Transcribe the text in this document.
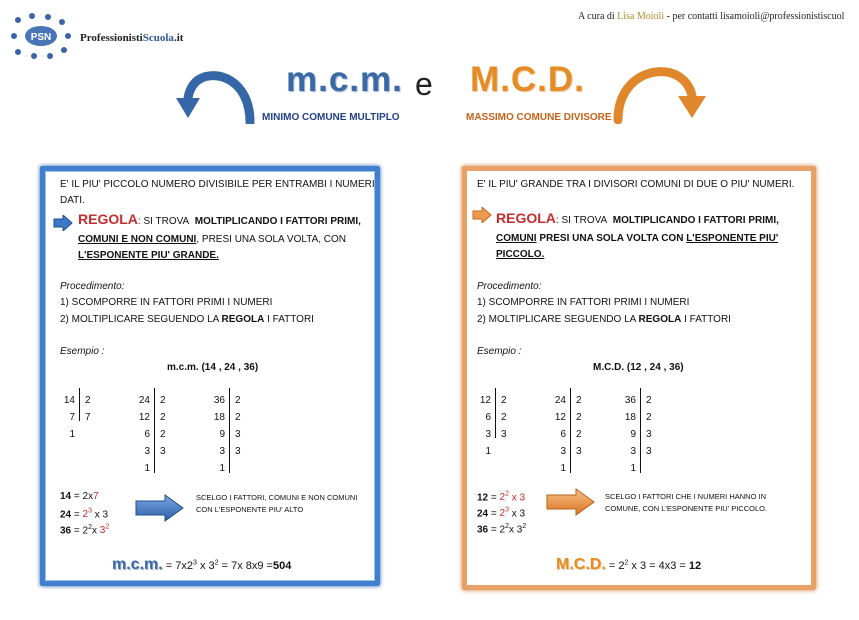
A cura di Lisa Moioli - per contatti lisamoioli@professionistiscuol
PSN	ProfessionistiScuola.it
m.c.m. e M.C.D.
MINIMO COMUNE MULTIPLO	MASSIMO COMUNE DIVISORE
E' IL PIU' PICCOLO NUMERO DIVISIBILE PER ENTRAMBI I NUMERI
DATI.
REGOLA: SI TROVA MOLTIPLICANDO I FATTORI PRIMI,
COMUNI E NON COMUNI, PRESI UNA SOLA VOLTA, CON
L'ESPONENTE PIU' GRANDE.
Procedimento:
1) SCOMPORRE IN FATTORI PRIMI I NUMERI
2) MOLTIPLICARE SEGUENDO LA REGOLA I FATTORI
Esempio :
m.c.m. (14 , 24 , 36)
14
7
1
2
7
24
12
6
3
1
2
2
2
3
36
18
9
3
1
2
2
3
3
14 = 2x7
$24 = 2^3$ x 3
$36 = 2^2x$ $3^2$
SCELGO I FATTORI, COMUNI E NON COMUNI
CON L'ESPONENTE PIU' ALTO
m.c.m. = $7x2^3$ x $3^2 = 7x$ 8x9 =504
E' IL PIU' GRANDE TRA I DIVISORI COMUNI DI DUE O PIU' NUMERI.
REGOLA: SI TROVA MOLTIPLICANDO I FATTORI PRIMI,
COMUNI PRESI UNA SOLA VOLTA CON L'ESPONENTE PIU'
PICCOLO.
Procedimento:
1) SCOMPORRE IN FATTORI PRIMI I NUMERI
2) MOLTIPLICARE SEGUENDO LA REGOLA I FATTORI
Esempio :
M.C.D. (12 , 24 , 36)
12
6
3
1
2
2
3
24
12
6
3
1
2
2
2
3
36
18
9
3
1
2
2
3
3
$12 = 2^2$ x 3
$24 = 2^3$ x 3
$36 = 2^2x$ $3^2$
SCELGO I FATTORI CHE I NUMERI HANNO IN
COMUNE, CON L'ESPONENTE PIU' PICCOLO.
M.C.D. = $2^2$ x 3 = 4x3 = 12
